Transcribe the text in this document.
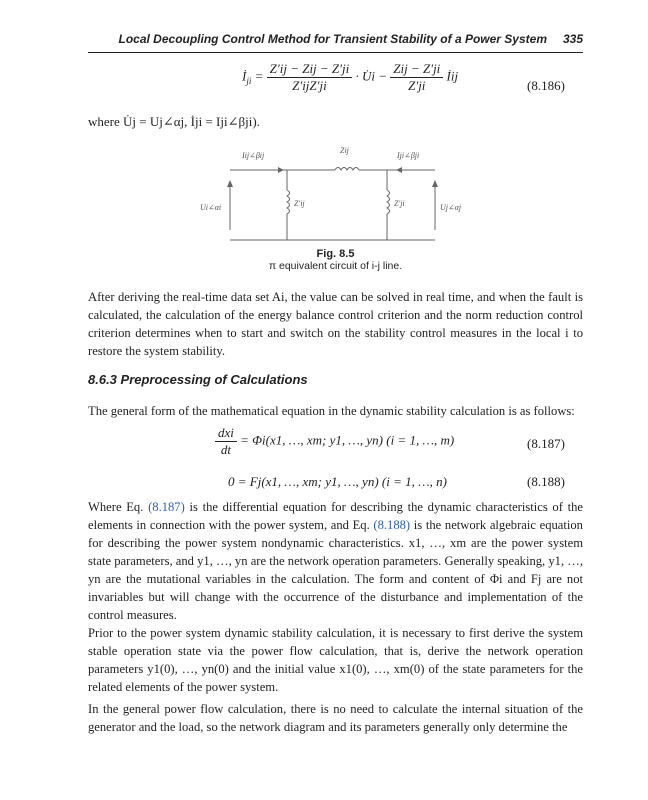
Local Decoupling Control Method for Transient Stability of a Power System 335
$İ_{ji} = \frac{\text{Z′ij − Zij − Z′ji}}{\text{Z′ijZ′ji}}$ · U̇i − $\frac{\text{Zij − Z′ji}}{Z'ji}$ İij
(8.186)
where U̇j = Uj∠αj, İji = Iji∠βji).
Iij∠βij
Zij
Iji∠βji
Ui∠αi	Z′ij	Z′ji	Uj∠αj
Fig. 8.5
π equivalent circuit of i-j line.

After deriving the real-time data set Ai, the value can be solved in real time, and when the fault is calculated, the calculation of the energy balance control criterion and the norm reduction control criterion determines when to start and switch on the stability control measures in the local i to restore the system stability.

8.6.3 Preprocessing of Calculations

The general form of the mathematical equation in the dynamic stability calculation is as follows:

$\frac{\text{dxi}}{dt} = \Phi i(x1$, …, xm; y1, …, yn) (i = 1, …, m)	(8.187)
0 = Fj(x1, …, xm; y1, …, yn) (i = 1, …, n)	(8.188)

Where Eq. (8.187) is the differential equation for describing the dynamic characteristics of the elements in connection with the power system, and Eq. (8.188) is the network algebraic equation for describing the power system nondynamic characteristics. x1, …, xm are the power system state parameters, and y1, …, yn are the network operation parameters. Generally speaking, y1, …, yn are the mutational variables in the calculation. The form and content of Φi and Fj are not invariables but will change with the occurrence of the disturbance and implementation of the control measures.

Prior to the power system dynamic stability calculation, it is necessary to first derive the system stable operation state via the power flow calculation, that is, derive the network operation parameters y1(0), …, yn(0) and the initial value x1(0), …, xm(0) of the state parameters for the related elements of the power system.

In the general power flow calculation, there is no need to calculate the internal situation of the generator and the load, so the network diagram and its parameters generally only determine the
